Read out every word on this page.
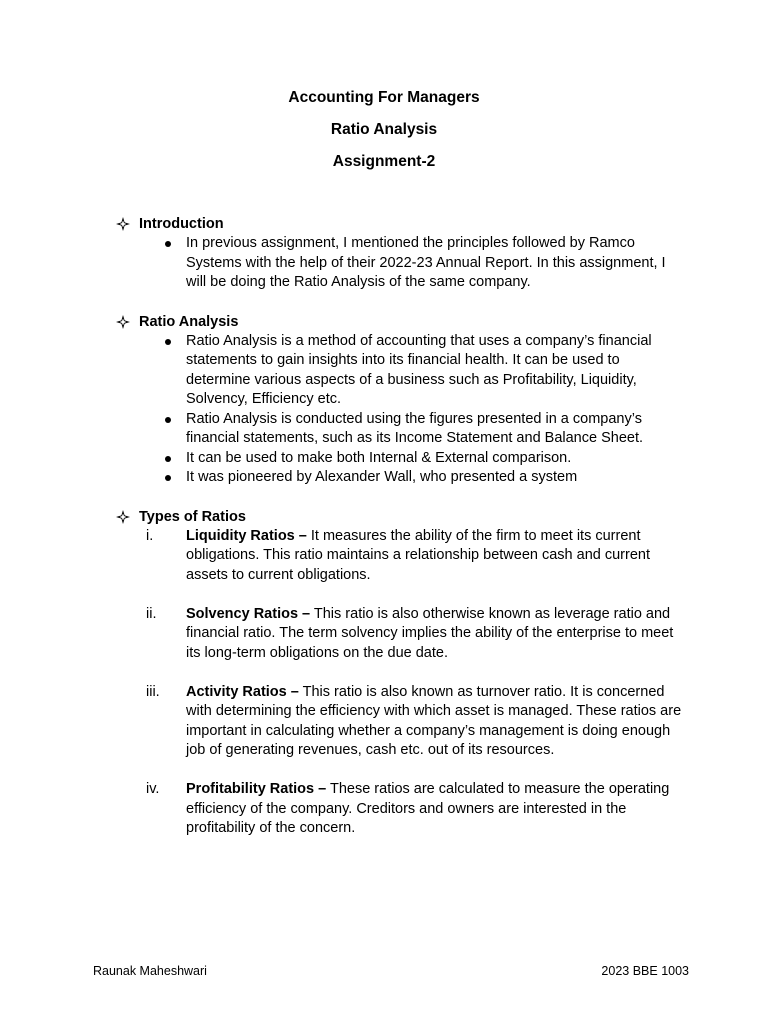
Accounting For Managers
Ratio Analysis
Assignment-2
Introduction
In previous assignment, I mentioned the principles followed by Ramco Systems with the help of their 2022-23 Annual Report. In this assignment, I will be doing the Ratio Analysis of the same company.
Ratio Analysis
Ratio Analysis is a method of accounting that uses a company’s financial statements to gain insights into its financial health. It can be used to determine various aspects of a business such as Profitability, Liquidity, Solvency, Efficiency etc.
Ratio Analysis is conducted using the figures presented in a company’s financial statements, such as its Income Statement and Balance Sheet.
It can be used to make both Internal & External comparison.
It was pioneered by Alexander Wall, who presented a system
Types of Ratios
i.	Liquidity Ratios – It measures the ability of the firm to meet its current obligations. This ratio maintains a relationship between cash and current assets to current obligations.
ii.	Solvency Ratios – This ratio is also otherwise known as leverage ratio and financial ratio. The term solvency implies the ability of the enterprise to meet its long-term obligations on the due date.
iii.	Activity Ratios – This ratio is also known as turnover ratio. It is concerned with determining the efficiency with which asset is managed. These ratios are important in calculating whether a company’s management is doing enough job of generating revenues, cash etc. out of its resources.
iv.	Profitability Ratios – These ratios are calculated to measure the operating efficiency of the company. Creditors and owners are interested in the profitability of the concern.
Raunak Maheshwari	2023 BBE 1003
